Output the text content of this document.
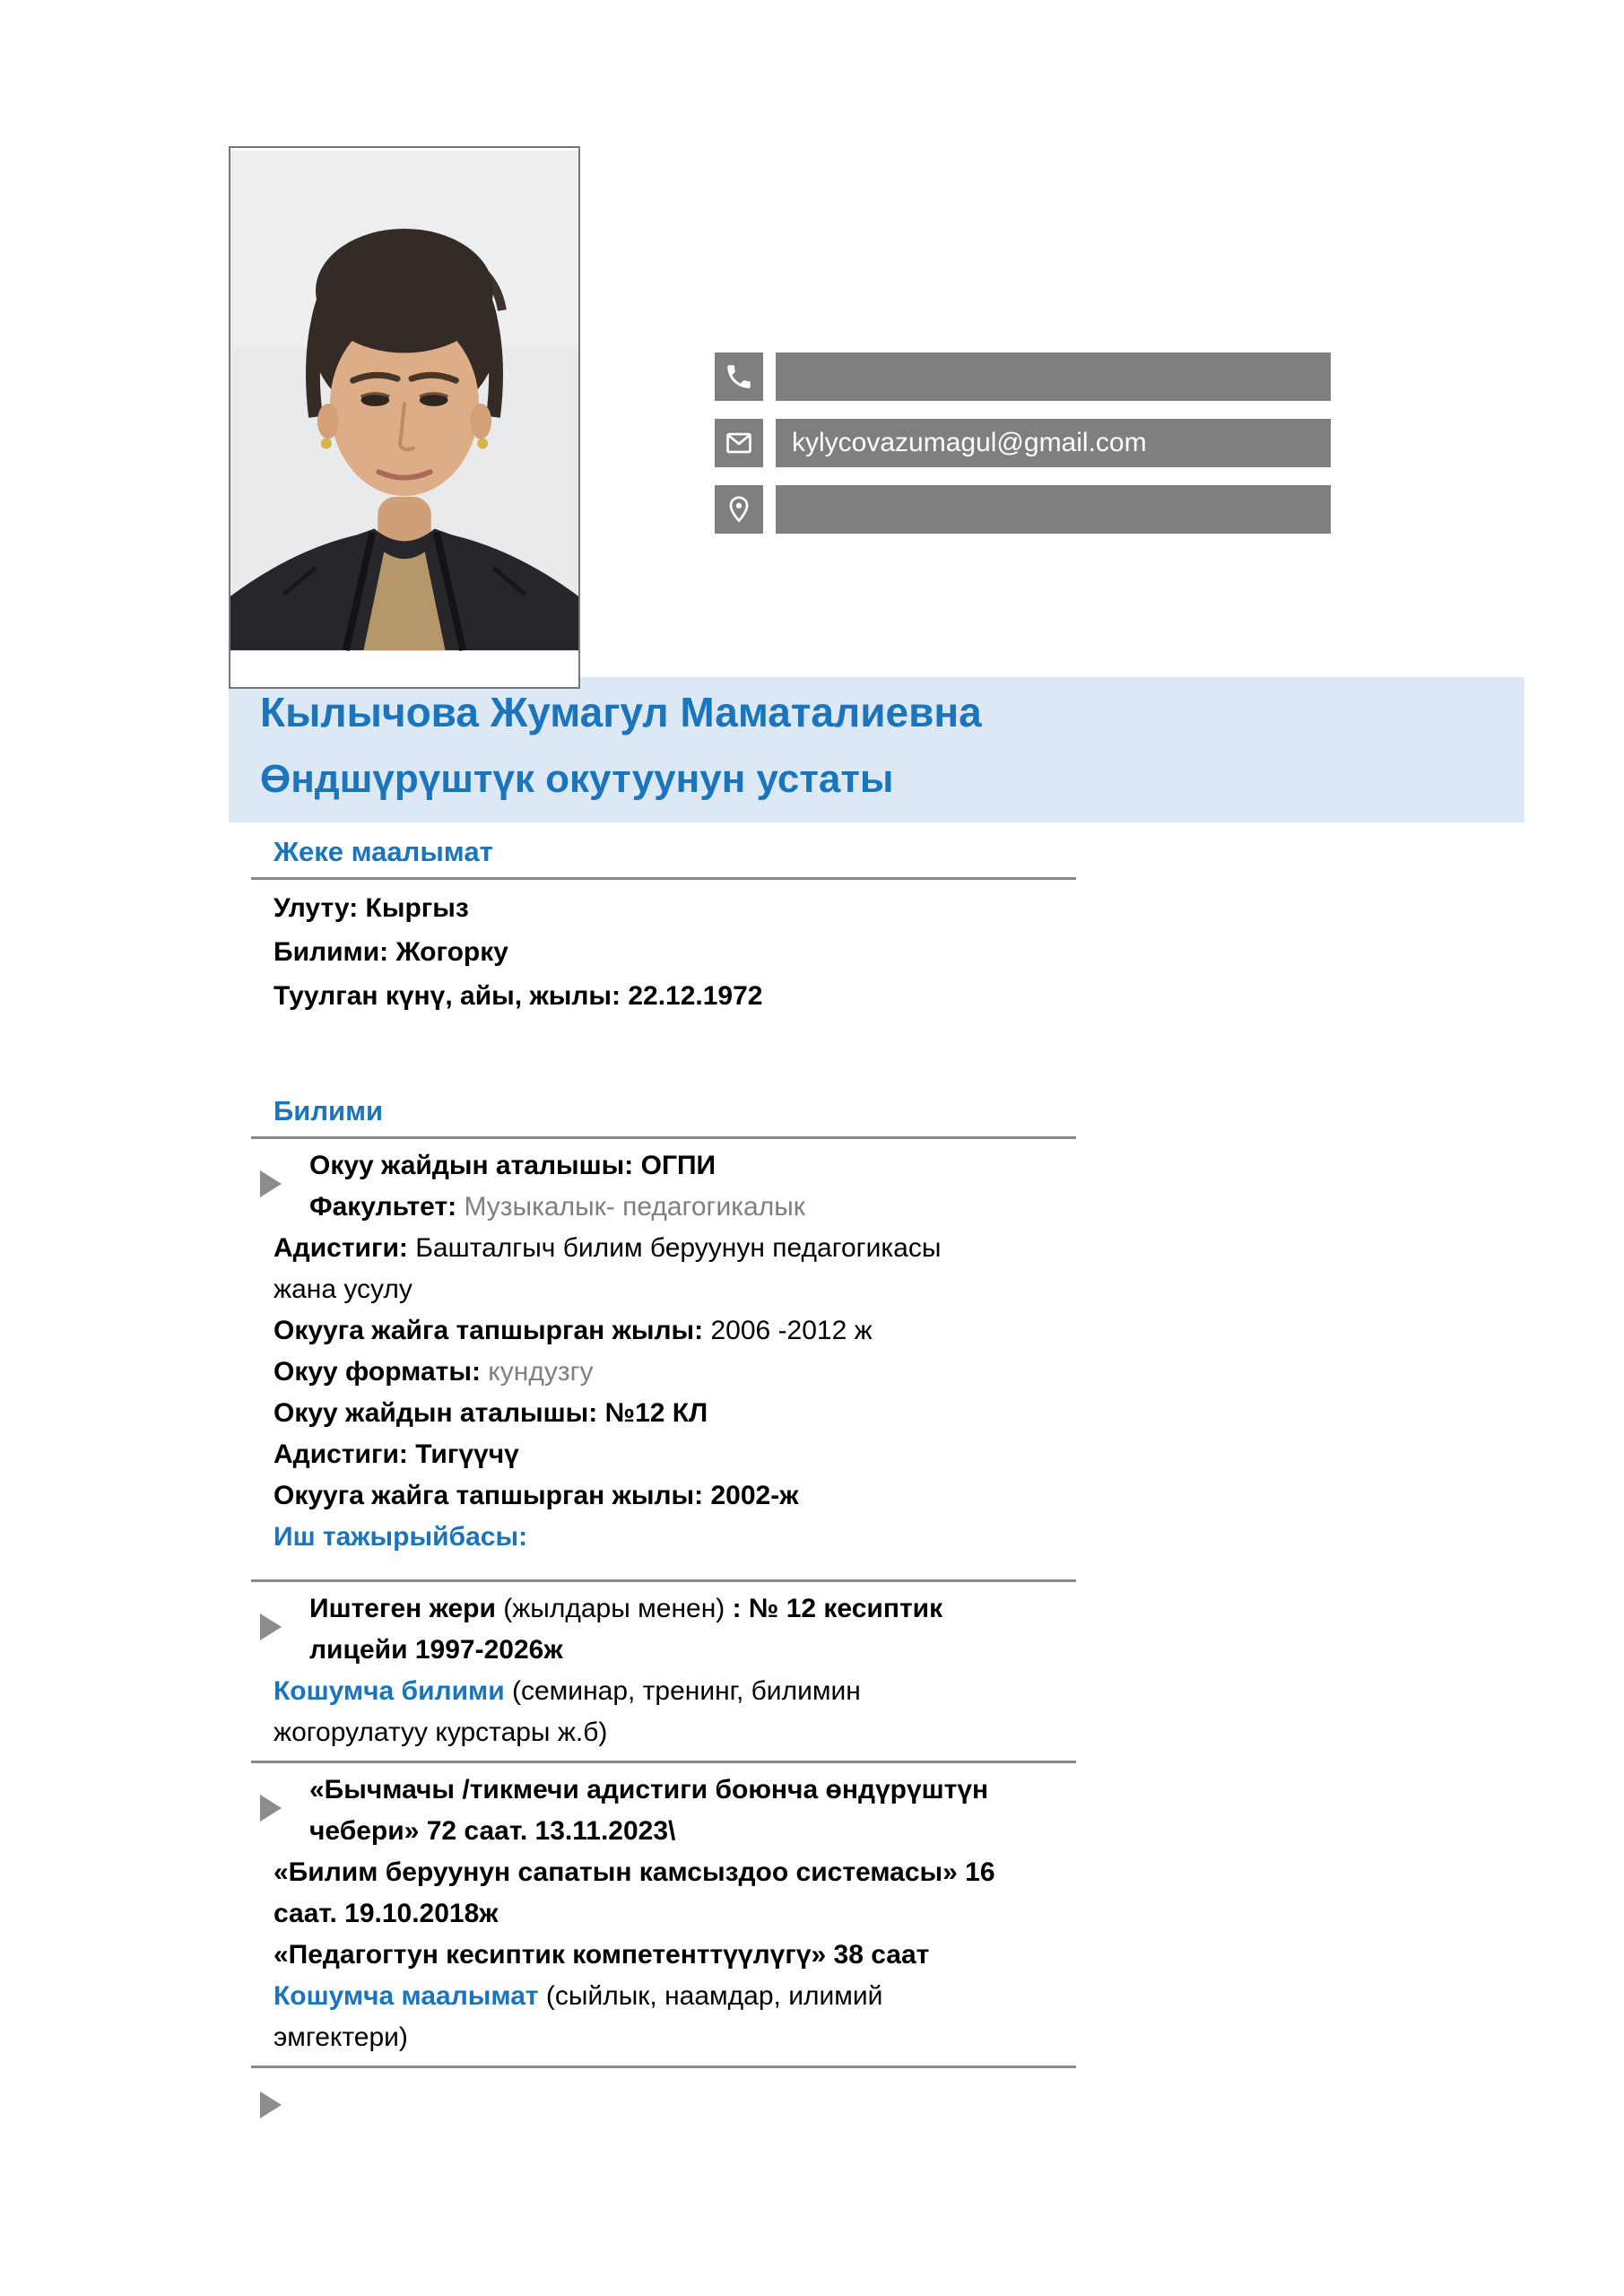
kylycovazumagul@gmail.com
Кылычова Жумагул Маматалиевна
Өндшүрүштүк окутуунун устаты
Жеке маалымат
Улуту: Кыргыз
Билими: Жогорку
Туулган күнү, айы, жылы: 22.12.1972
Билими
Окуу жайдын аталышы: ОГПИ
Факультет: Музыкалык- педагогикалык
Адистиги: Башталгыч билим беруунун педагогикасы
жана усулу
Окууга жайга тапшырган жылы: 2006 -2012 ж
Окуу форматы: кундузгу
Окуу жайдын аталышы: №12 КЛ
Адистиги: Тигүүчү
Окууга жайга тапшырган жылы: 2002-ж
Иш тажырыйбасы:
Иштеген жери (жылдары менен) : № 12 кесиптик
лицейи 1997-2026ж
Кошумча билими (семинар, тренинг, билимин
жогорулатуу курстары ж.б)
«Бычмачы /тикмечи адистиги боюнча өндүрүштүн
чебери» 72 саат. 13.11.2023\
«Билим беруунун сапатын камсыздоо системасы» 16
саат. 19.10.2018ж
«Педагогтун кесиптик компетенттүүлүгү» 38 саат
Кошумча маалымат (сыйлык, наамдар, илимий
эмгектери)
